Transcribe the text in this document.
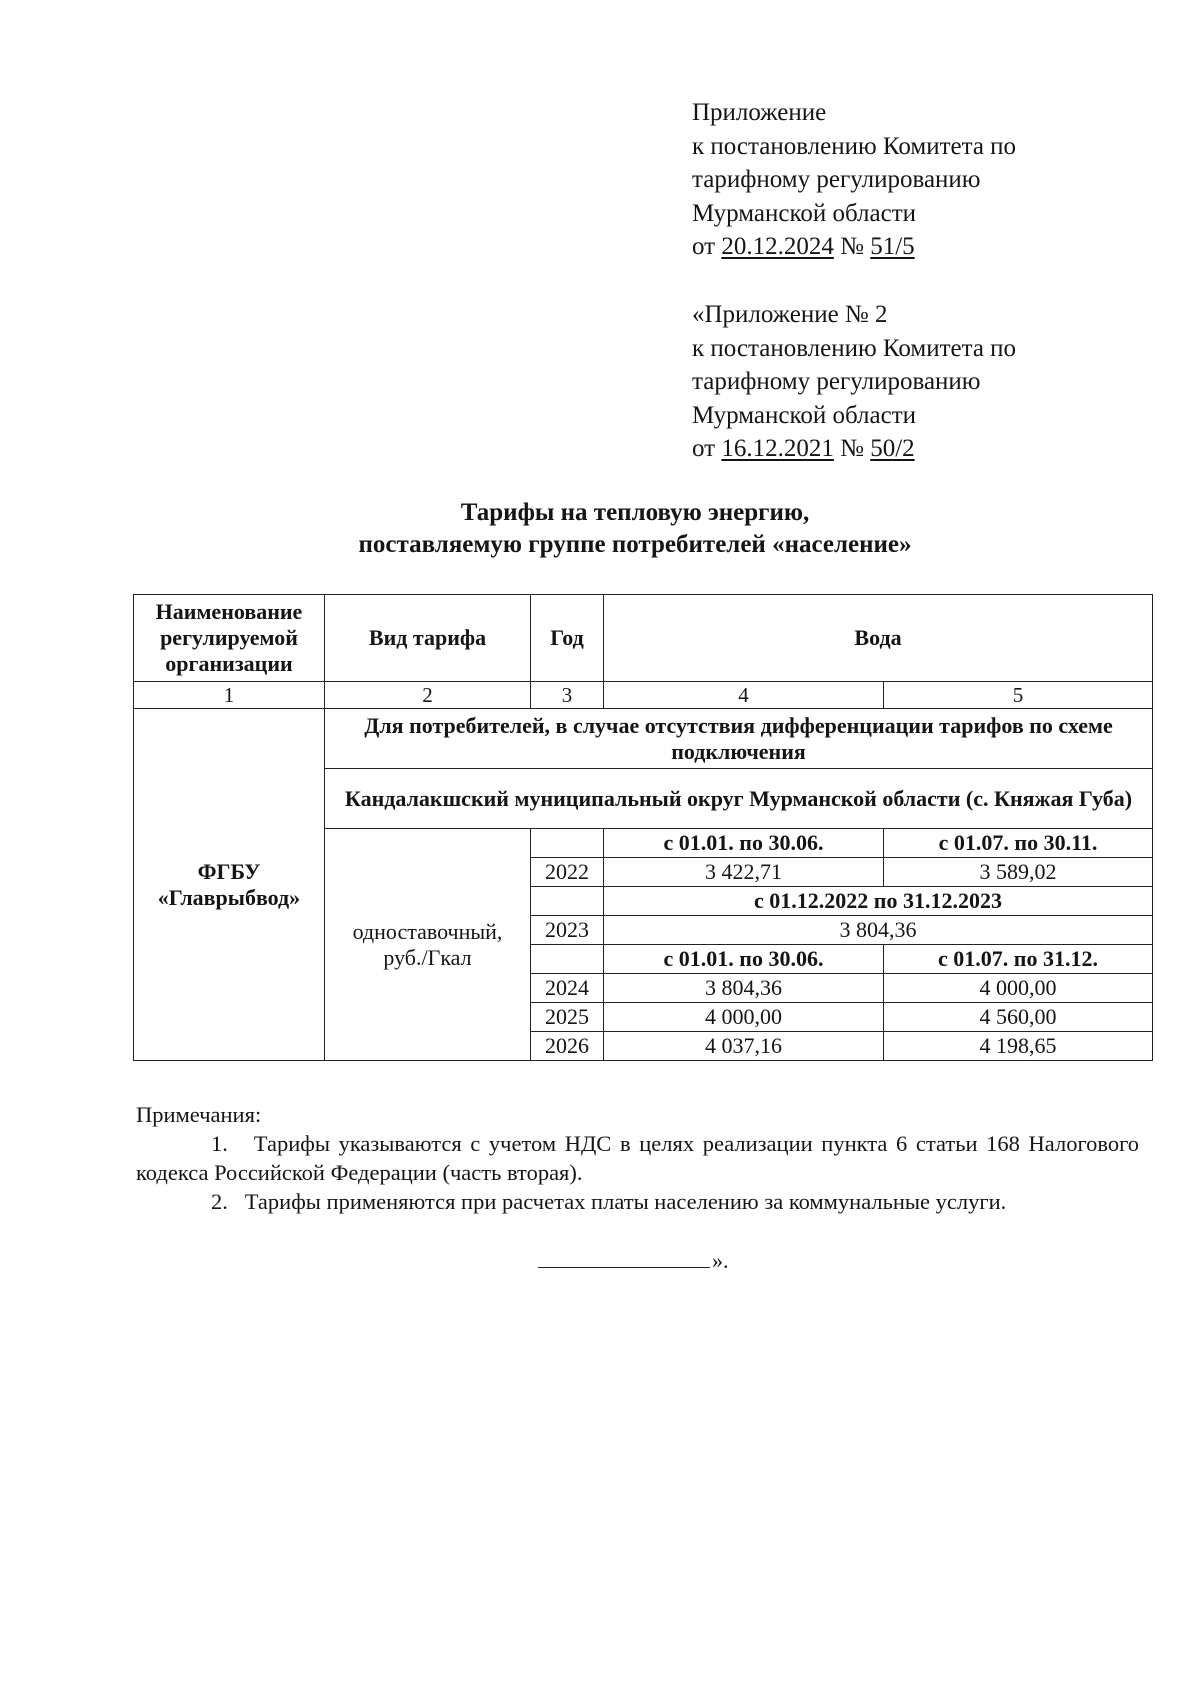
Приложение
к постановлению Комитета по
тарифному регулированию
Мурманской области
от 20.12.2024 № 51/5
«Приложение № 2
к постановлению Комитета по
тарифному регулированию
Мурманской области
от 16.12.2021 № 50/2
Тарифы на тепловую энергию,
поставляемую группе потребителей «население»
Наименование регулируемой организации	Вид тарифа	Год	Вода	
1	2	3	4	5
ФГБУ «Главрыбвод»	Для потребителей, в случае отсутствия дифференциации тарифов по схеме подключения			
	Кандалакшский муниципальный округ Мурманской области (с. Княжая Губа)			
	одноставочный, руб./Гкал		с 01.01. по 30.06.	с 01.07. по 30.11.
		2022	3 422,71	3 589,02
			с 01.12.2022 по 31.12.2023	
		2023	3 804,36	
			с 01.01. по 30.06.	с 01.07. по 31.12.
		2024	3 804,36	4 000,00
		2025	4 000,00	4 560,00
		2026	4 037,16	4 198,65

Примечания:

1. Тарифы указываются с учетом НДС в целях реализации пункта 6 статьи 168 Налогового кодекса Российской Федерации (часть вторая).

2. Тарифы применяются при расчетах платы населению за коммунальные услуги.

».
